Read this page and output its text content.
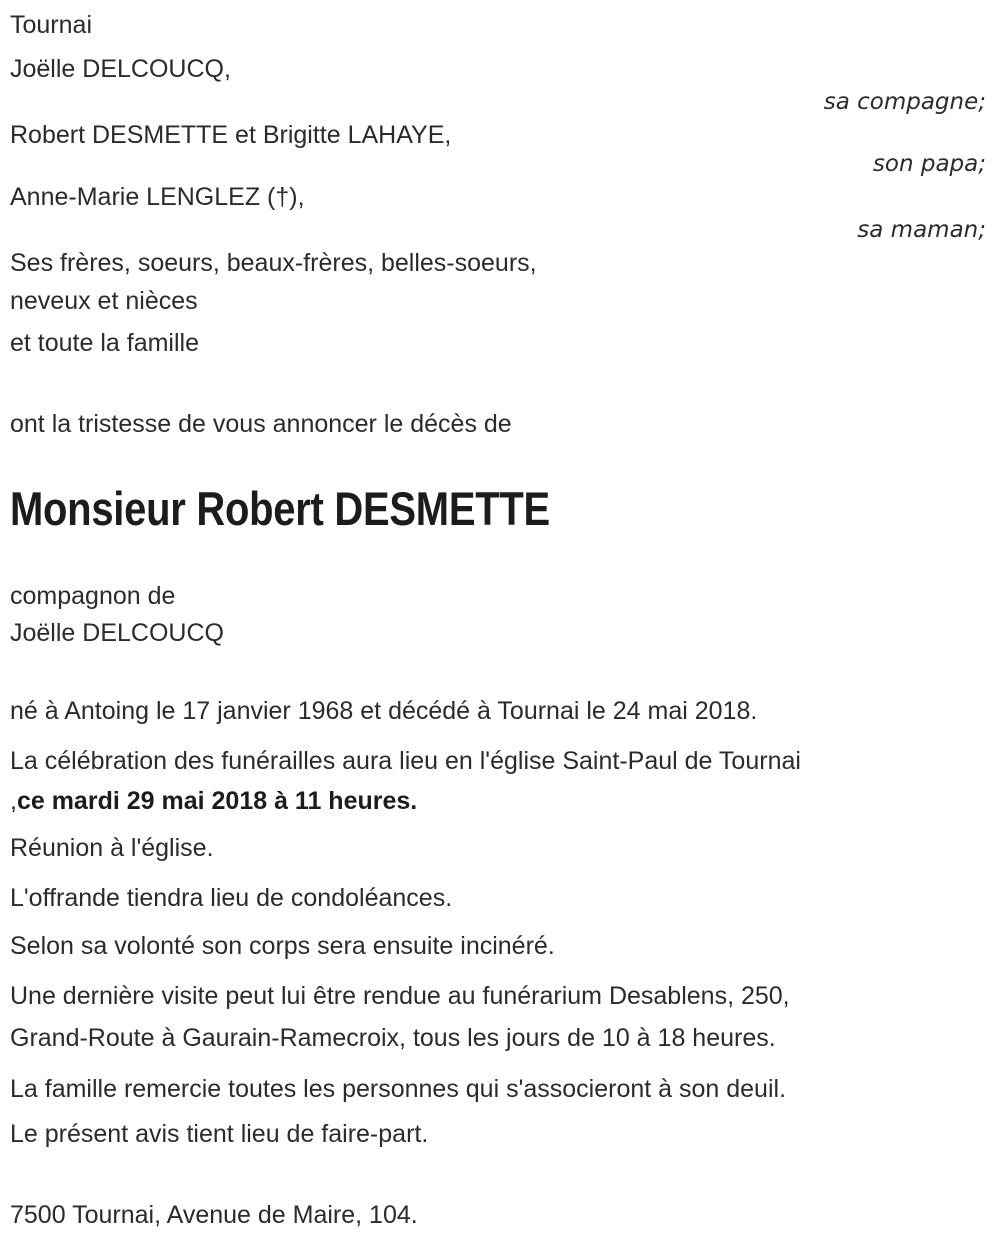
Tournai
Joëlle DELCOUCQ,
sa compagne;
Robert DESMETTE et Brigitte LAHAYE,
son papa;
Anne-Marie LENGLEZ (†),
sa maman;
Ses frères, soeurs, beaux-frères, belles-soeurs,
neveux et nièces
et toute la famille
ont la tristesse de vous annoncer le décès de
Monsieur Robert DESMETTE
compagnon de
Joëlle DELCOUCQ
né à Antoing le 17 janvier 1968 et décédé à Tournai le 24 mai 2018.
La célébration des funérailles aura lieu en l'église Saint-Paul de Tournai
,ce mardi 29 mai 2018 à 11 heures.
Réunion à l'église.
L'offrande tiendra lieu de condoléances.
Selon sa volonté son corps sera ensuite incinéré.
Une dernière visite peut lui être rendue au funérarium Desablens, 250,
Grand-Route à Gaurain-Ramecroix, tous les jours de 10 à 18 heures.
La famille remercie toutes les personnes qui s'associeront à son deuil.
Le présent avis tient lieu de faire-part.
7500 Tournai, Avenue de Maire, 104.
